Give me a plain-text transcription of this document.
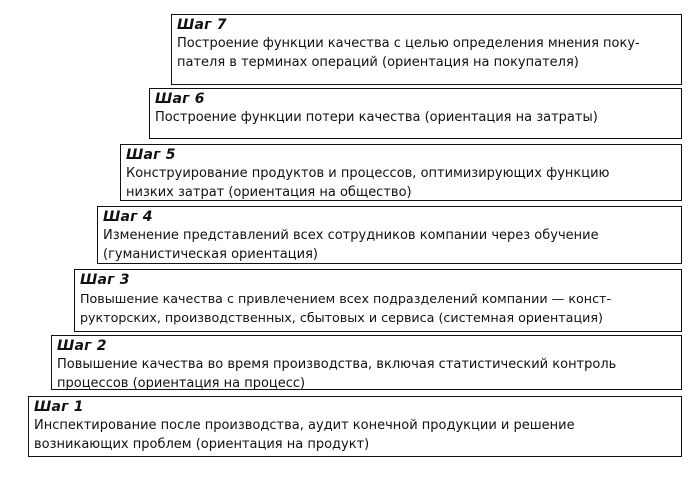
Шаг 7

Построение функции качества с целью определения мнения поку-

пателя в терминах операций (ориентация на покупателя)

Шаг 6

Построение функции потери качества (ориентация на затраты)

Шаг 5

Конструирование продуктов и процессов, оптимизирующих функцию

низких затрат (ориентация на общество)

Шаг 4

Изменение представлений всех сотрудников компании через обучение

(гуманистическая ориентация)

Шаг 3

Повышение качества с привлечением всех подразделений компании — конст-

рукторских, производственных, сбытовых и сервиса (системная ориентация)

Шаг 2

Повышение качества во время производства, включая статистический контроль

процессов (ориентация на процесс)

Шаг 1

Инспектирование после производства, аудит конечной продукции и решение

возникающих проблем (ориентация на продукт)
